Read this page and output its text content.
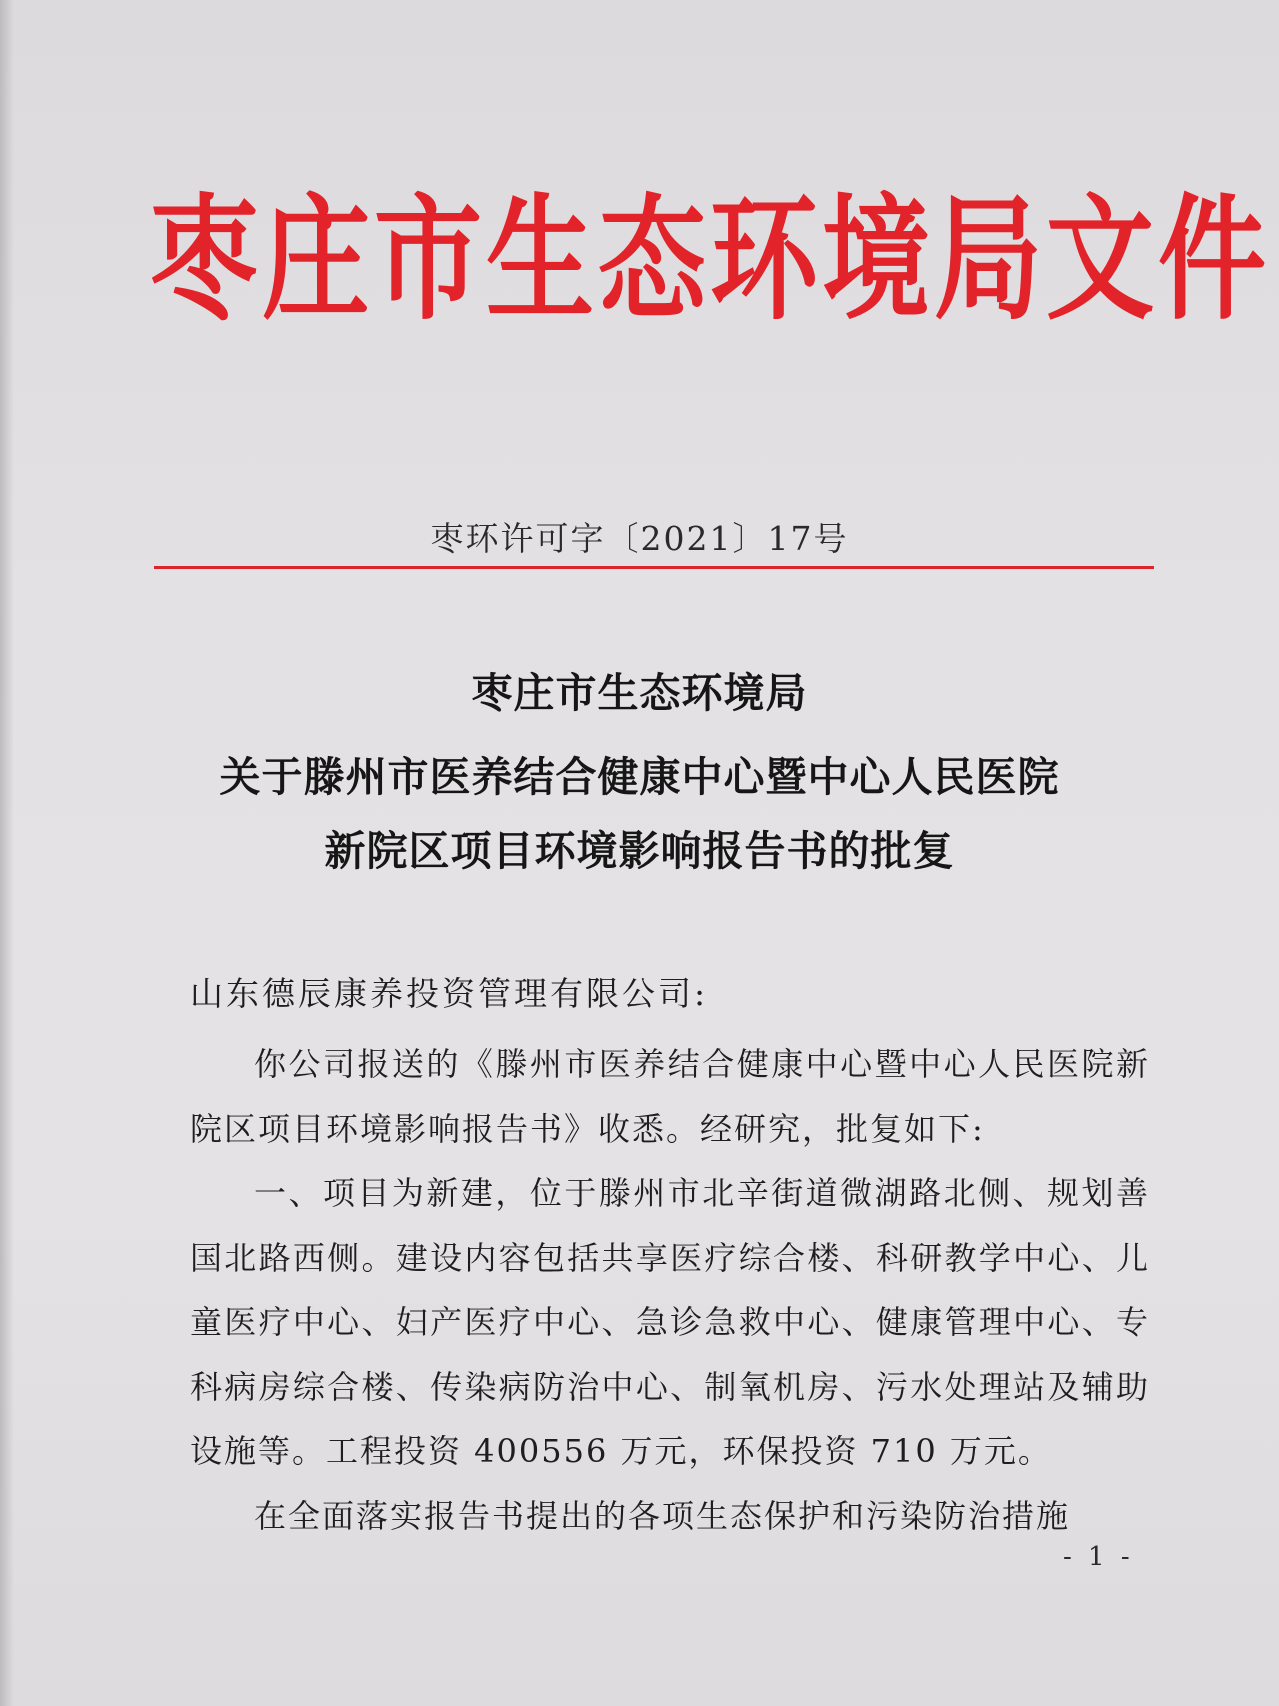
枣庄市生态环境局文件
枣环许可字〔2021〕17号
枣庄市生态环境局
关于滕州市医养结合健康中心暨中心人民医院
新院区项目环境影响报告书的批复
山东德辰康养投资管理有限公司:

你公司报送的《滕州市医养结合健康中心暨中心人民医院新院区项目环境影响报告书》收悉。经研究，批复如下:

一、项目为新建，位于滕州市北辛街道微湖路北侧、规划善国北路西侧。建设内容包括共享医疗综合楼、科研教学中心、儿童医疗中心、妇产医疗中心、急诊急救中心、健康管理中心、专科病房综合楼、传染病防治中心、制氧机房、污水处理站及辅助设施等。工程投资 400556 万元，环保投资 710 万元。

在全面落实报告书提出的各项生态保护和污染防治措施

- 1 -
